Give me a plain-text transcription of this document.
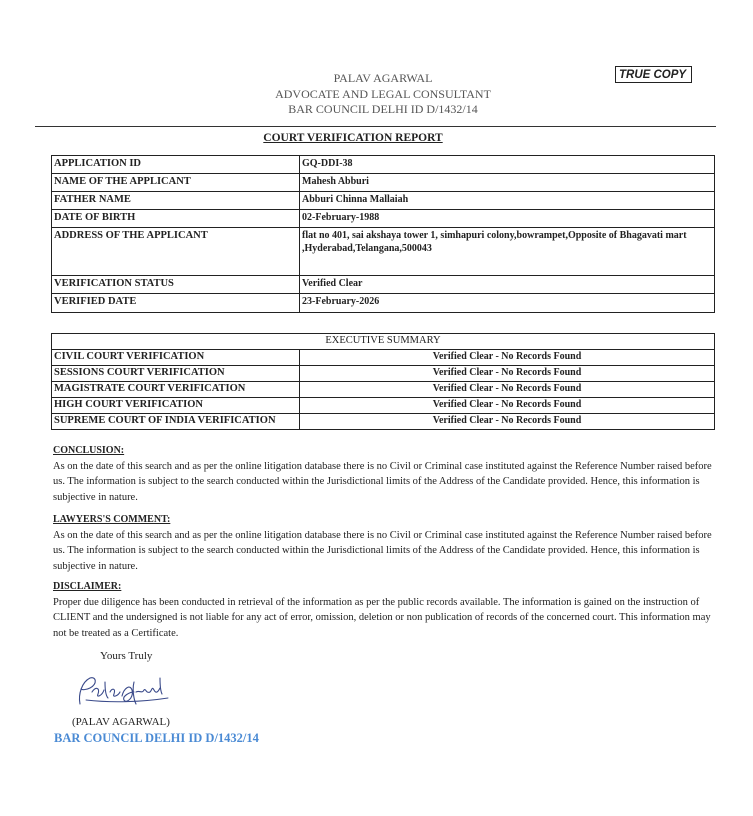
TRUE COPY
PALAV AGARWAL
ADVOCATE AND LEGAL CONSULTANT
BAR COUNCIL DELHI ID D/1432/14
COURT VERIFICATION REPORT
APPLICATION ID	GQ-DDI-38
NAME OF THE APPLICANT	Mahesh Abburi
FATHER NAME	Abburi Chinna Mallaiah
DATE OF BIRTH	02-February-1988
ADDRESS OF THE APPLICANT	flat no 401, sai akshaya tower 1, simhapuri colony,bowrampet,Opposite of Bhagavati mart ,Hyderabad,Telangana,500043
VERIFICATION STATUS	Verified Clear
VERIFIED DATE	23-February-2026
EXECUTIVE SUMMARY	
CIVIL COURT VERIFICATION	Verified Clear - No Records Found
SESSIONS COURT VERIFICATION	Verified Clear - No Records Found
MAGISTRATE COURT VERIFICATION	Verified Clear - No Records Found
HIGH COURT VERIFICATION	Verified Clear - No Records Found
SUPREME COURT OF INDIA VERIFICATION	Verified Clear - No Records Found
CONCLUSION:

As on the date of this search and as per the online litigation database there is no Civil or Criminal case instituted against the Reference Number raised before us. The information is subject to the search conducted within the Jurisdictional limits of the Address of the Candidate provided. Hence, this information is subjective in nature.

LAWYERS'S COMMENT:

As on the date of this search and as per the online litigation database there is no Civil or Criminal case instituted against the Reference Number raised before us. The information is subject to the search conducted within the Jurisdictional limits of the Address of the Candidate provided. Hence, this information is subjective in nature.

DISCLAIMER:

Proper due diligence has been conducted in retrieval of the information as per the public records available. The information is gained on the instruction of CLIENT and the undersigned is not liable for any act of error, omission, deletion or non publication of records of the concerned court. This information may not be treated as a Certificate.

Yours Truly
(PALAV AGARWAL)
BAR COUNCIL DELHI ID D/1432/14
